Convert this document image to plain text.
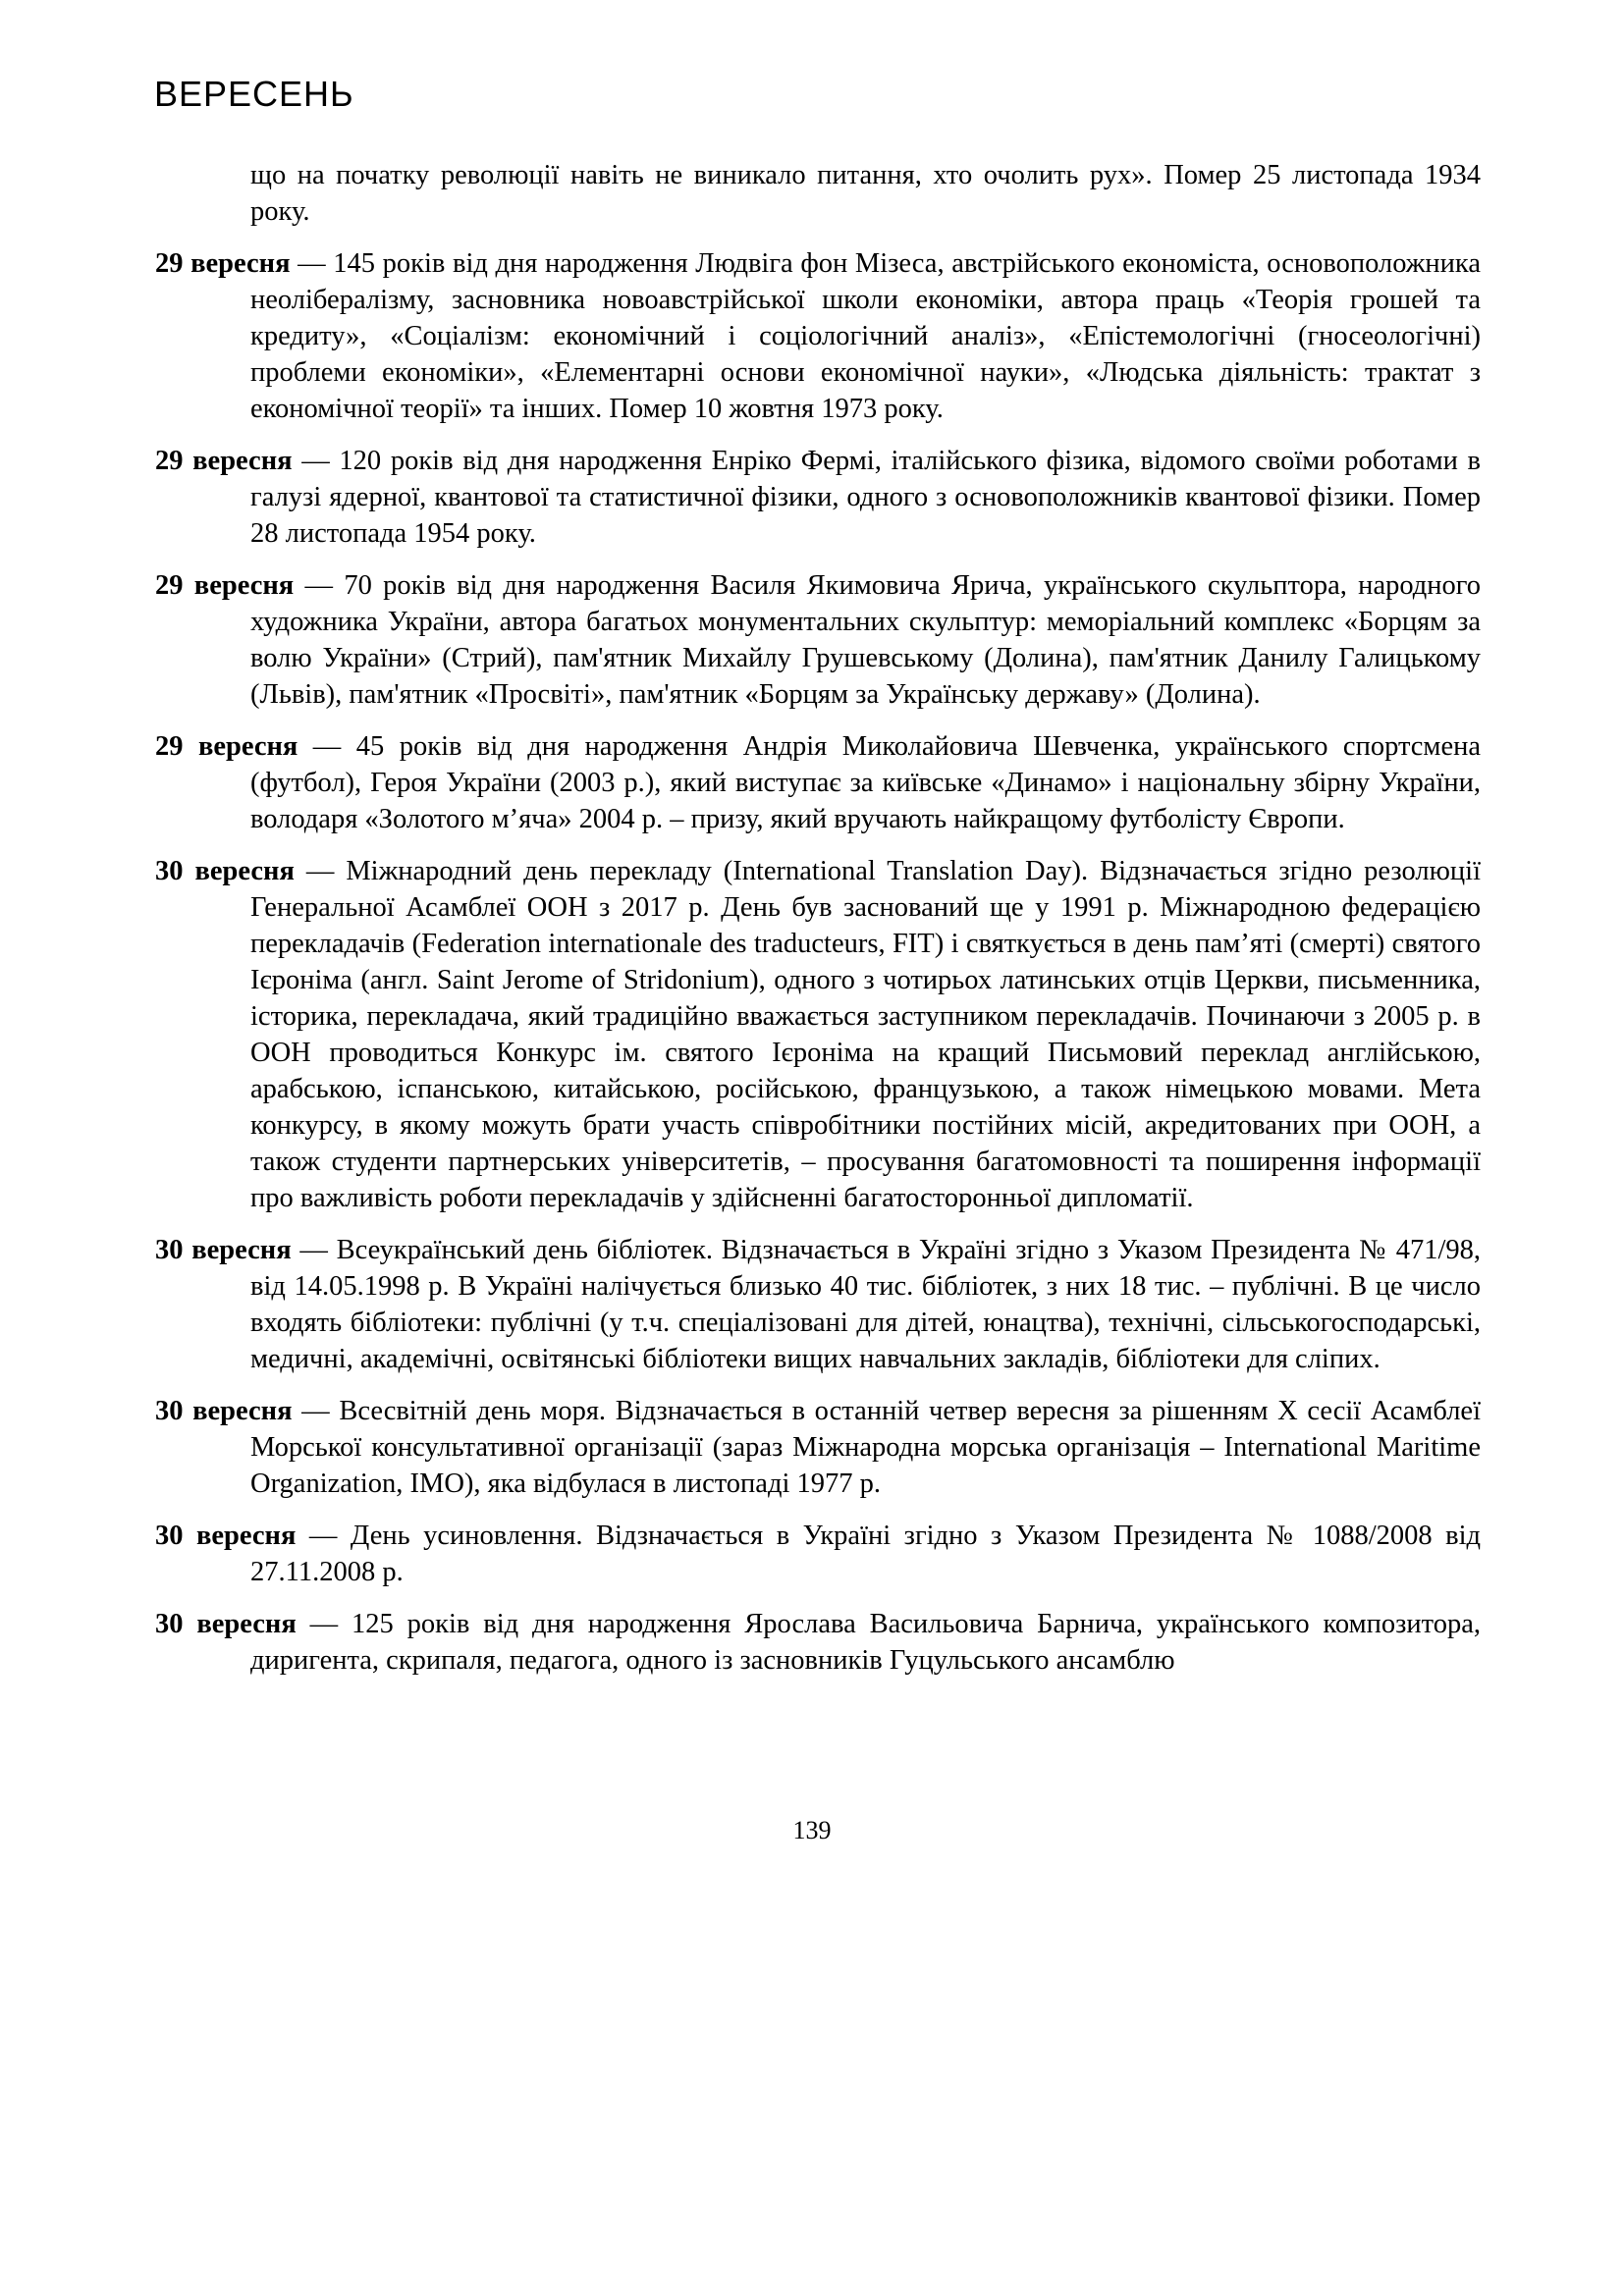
ВЕРЕСЕНЬ

що на початку революції навіть не виникало питання, хто очолить рух». Помер 25 листопада 1934 року.

29 вересня — 145 років від дня народження Людвіга фон Мізеса, австрійського економіста, основоположника неолібералізму, засновника новоавстрійської школи економіки, автора праць «Теорія грошей та кредиту», «Соціалізм: економічний і соціологічний аналіз», «Епістемологічні (гносеологічні) проблеми економіки», «Елементарні основи економічної науки», «Людська діяльність: трактат з економічної теорії» та інших. Помер 10 жовтня 1973 року.

29 вересня — 120 років від дня народження Енріко Фермі, італійського фізика, відомого своїми роботами в галузі ядерної, квантової та статистичної фізики, одного з основоположників квантової фізики. Помер 28 листопада 1954 року.

29 вересня — 70 років від дня народження Василя Якимовича Ярича, українського скульптора, народного художника України, автора багатьох монументальних скульптур: меморіальний комплекс «Борцям за волю України» (Стрий), пам'ятник Михайлу Грушевському (Долина), пам'ятник Данилу Галицькому (Львів), пам'ятник «Просвіті», пам'ятник «Борцям за Українську державу» (Долина).

29 вересня — 45 років від дня народження Андрія Миколайовича Шевченка, українського спортсмена (футбол), Героя України (2003 р.), який виступає за київське «Динамо» і національну збірну України, володаря «Золотого м’яча» 2004 р. – призу, який вручають найкращому футболісту Європи.

30 вересня — Міжнародний день перекладу (International Translation Day). Відзначається згідно резолюції Генеральної Асамблеї ООН з 2017 р. День був заснований ще у 1991 р. Міжнародною федерацією перекладачів (Federation internationale des traducteurs, FIT) і святкується в день пам’яті (смерті) святого Ієроніма (англ. Saint Jerome of Stridonium), одного з чотирьох латинських отців Церкви, письменника, історика, перекладача, який традиційно вважається заступником перекладачів. Починаючи з 2005 р. в ООН проводиться Конкурс ім. святого Ієроніма на кращий Письмовий переклад англійською, арабською, іспанською, китайською, російською, французькою, а також німецькою мовами. Мета конкурсу, в якому можуть брати участь співробітники постійних місій, акредитованих при ООН, а також студенти партнерських університетів, – просування багатомовності та поширення інформації про важливість роботи перекладачів у здійсненні багатосторонньої дипломатії.

30 вересня — Всеукраїнський день бібліотек. Відзначається в Україні згідно з Указом Президента № 471/98, від 14.05.1998 р. В Україні налічується близько 40 тис. бібліотек, з них 18 тис. – публічні. В це число входять бібліотеки: публічні (у т.ч. спеціалізовані для дітей, юнацтва), технічні, сільськогосподарські, медичні, академічні, освітянські бібліотеки вищих навчальних закладів, бібліотеки для сліпих.

30 вересня — Всесвітній день моря. Відзначається в останній четвер вересня за рішенням X сесії Асамблеї Морської консультативної організації (зараз Міжнародна морська організація – International Maritime Organization, IMO), яка відбулася в листопаді 1977 р.

30 вересня — День усиновлення. Відзначається в Україні згідно з Указом Президента № 1088/2008 від 27.11.2008 р.

30 вересня — 125 років від дня народження Ярослава Васильовича Барнича, українського композитора, диригента, скрипаля, педагога, одного із засновників Гуцульського ансамблю

139
